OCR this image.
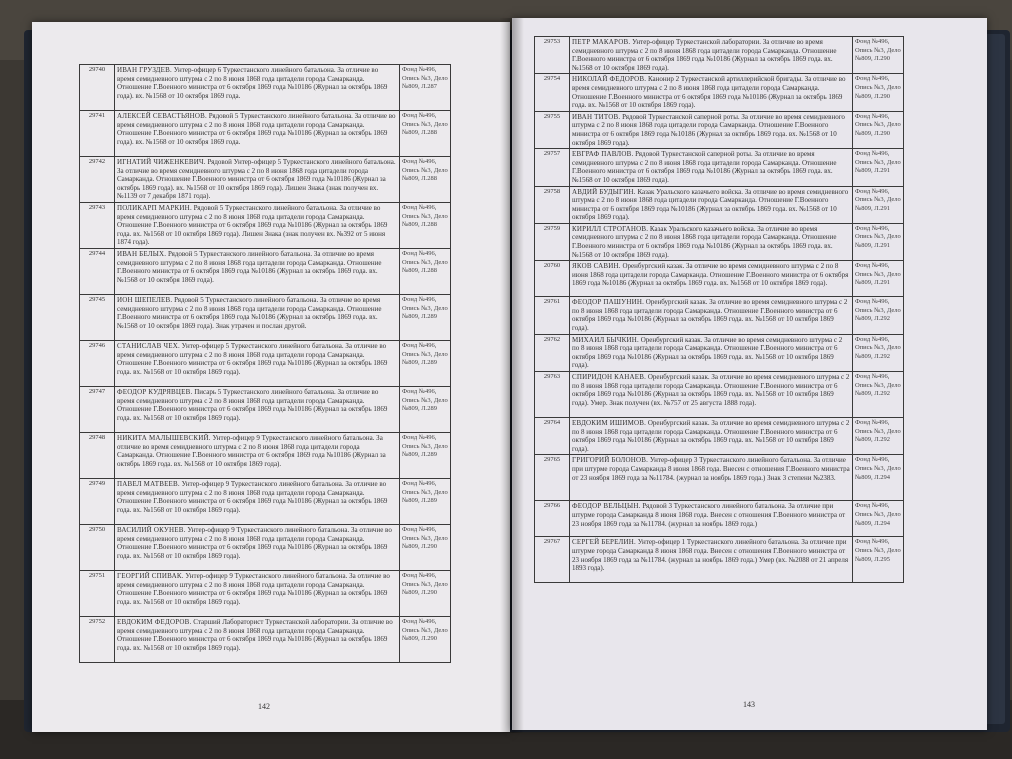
29740	ИВАН ГРУЗДЕВ. Унтер-офицер 6 Туркестанского линейного батальона. За отличие во время семидневного штурма с 2 по 8 июня 1868 года цитадели города Самарканда. Отношение Г.Военного министра от 6 октября 1869 года №10186 (Журнал за октябрь 1869 года). вх. №1568 от 10 октября 1869 года.	Фонд №496, Опись №3, Дело №809, Л.287
29741	АЛЕКСЕЙ СЕВАСТЬЯНОВ. Рядовой 5 Туркестанского линейного батальона. За отличие во время семидневного штурма с 2 по 8 июня 1868 года цитадели города Самарканда. Отношение Г.Военного министра от 6 октября 1869 года №10186 (Журнал за октябрь 1869 года). вх. №1568 от 10 октября 1869 года.	Фонд №496, Опись №3, Дело №809, Л.288
29742	ИГНАТИЙ ЧИЖЕНКЕВИЧ. Рядовой Унтер-офицер 5 Туркестанского линейного батальона. За отличие во время семидневного штурма с 2 по 8 июня 1868 года цитадели города Самарканда. Отношение Г.Военного министра от 6 октября 1869 года №10186 (Журнал за октябрь 1869 года). вх. №1568 от 10 октября 1869 года). Лишен Знака (знак получен вх. №1139 от 7 декабря 1871 года).	Фонд №496, Опись №3, Дело №809, Л.288
29743	ПОЛИКАРП МАРКИН. Рядовой 5 Туркестанского линейного батальона. За отличие во время семидневного штурма с 2 по 8 июня 1868 года цитадели города Самарканда. Отношение Г.Военного министра от 6 октября 1869 года №10186 (Журнал за октябрь 1869 года. вх. №1568 от 10 октября 1869 года). Лишен Знака (знак получен вх. №392 от 5 июня 1874 года).	Фонд №496, Опись №3, Дело №809, Л.288
29744	ИВАН БЕЛЫХ. Рядовой 5 Туркестанского линейного батальона. За отличие во время семидневного штурма с 2 по 8 июня 1868 года цитадели города Самарканда. Отношение Г.Военного министра от 6 октября 1869 года №10186 (Журнал за октябрь 1869 года. вх. №1568 от 10 октября 1869 года).	Фонд №496, Опись №3, Дело №809, Л.288
29745	ИОН ШЕПЕЛЕВ. Рядовой 5 Туркестанского линейного батальона. За отличие во время семидневного штурма с 2 по 8 июня 1868 года цитадели города Самарканда. Отношение Г.Военного министра от 6 октября 1869 года №10186 (Журнал за октябрь 1869 года. вх. №1568 от 10 октября 1869 года). Знак утрачен и послан другой.	Фонд №496, Опись №3, Дело №809, Л.289
29746	СТАНИСЛАВ ЧЕХ. Унтер-офицер 5 Туркестанского линейного батальона. За отличие во время семидневного штурма с 2 по 8 июня 1868 года цитадели города Самарканда. Отношение Г.Военного министра от 6 октября 1869 года №10186 (Журнал за октябрь 1869 года. вх. №1568 от 10 октября 1869 года).	Фонд №496, Опись №3, Дело №809, Л.289
29747	ФЕОДОР КУДРЯВЦЕВ. Писарь 5 Туркестанского линейного батальона. За отличие во время семидневного штурма с 2 по 8 июня 1868 года цитадели города Самарканда. Отношение Г.Военного министра от 6 октября 1869 года №10186 (Журнал за октябрь 1869 года. вх. №1568 от 10 октября 1869 года).	Фонд №496, Опись №3, Дело №809, Л.289
29748	НИКИТА МАЛЫШЕВСКИЙ. Унтер-офицер 9 Туркестанского линейного батальона. За отличие во время семидневного штурма с 2 по 8 июня 1868 года цитадели города Самарканда. Отношение Г.Военного министра от 6 октября 1869 года №10186 (Журнал за октябрь 1869 года. вх. №1568 от 10 октября 1869 года).	Фонд №496, Опись №3, Дело №809, Л.289
29749	ПАВЕЛ МАТВЕЕВ. Унтер-офицер 9 Туркестанского линейного батальона. За отличие во время семидневного штурма с 2 по 8 июня 1868 года цитадели города Самарканда. Отношение Г.Военного министра от 6 октября 1869 года №10186 (Журнал за октябрь 1869 года. вх. №1568 от 10 октября 1869 года).	Фонд №496, Опись №3, Дело №809, Л.289
29750	ВАСИЛИЙ ОКУНЕВ. Унтер-офицер 9 Туркестанского линейного батальона. За отличие во время семидневного штурма с 2 по 8 июня 1868 года цитадели города Самарканда. Отношение Г.Военного министра от 6 октября 1869 года №10186 (Журнал за октябрь 1869 года. вх. №1568 от 10 октября 1869 года).	Фонд №496, Опись №3, Дело №809, Л.290
29751	ГЕОРГИЙ СПИВАК. Унтер-офицер 9 Туркестанского линейного батальона. За отличие во время семидневного штурма с 2 по 8 июня 1868 года цитадели города Самарканда. Отношение Г.Военного министра от 6 октября 1869 года №10186 (Журнал за октябрь 1869 года. вх. №1568 от 10 октября 1869 года).	Фонд №496, Опись №3, Дело №809, Л.290
29752	ЕВДОКИМ ФЕДОРОВ. Старший Лабораторист Туркестанской лаборатории. За отличие во время семидневного штурма с 2 по 8 июня 1868 года цитадели города Самарканда. Отношение Г.Военного министра от 6 октября 1869 года №10186 (Журнал за октябрь 1869 года. вх. №1568 от 10 октября 1869 года).	Фонд №496, Опись №3, Дело №809, Л.290
142
29753	ПЕТР МАКАРОВ. Унтер-офицер Туркестанской лаборатории. За отличие во время семидневного штурма с 2 по 8 июня 1868 года цитадели города Самарканда. Отношение Г.Военного министра от 6 октября 1869 года №10186 (Журнал за октябрь 1869 года. вх. №1568 от 10 октября 1869 года).	Фонд №496, Опись №3, Дело №809, Л.290
29754	НИКОЛАЙ ФЕДОРОВ. Канонир 2 Туркестанской артиллерийской бригады. За отличие во время семидневного штурма с 2 по 8 июня 1868 года цитадели города Самарканда. Отношение Г.Военного министра от 6 октября 1869 года №10186 (Журнал за октябрь 1869 года. вх. №1568 от 10 октября 1869 года).	Фонд №496, Опись №3, Дело №809, Л.290
29755	ИВАН ТИТОВ. Рядовой Туркестанской саперной роты. За отличие во время семидневного штурма с 2 по 8 июня 1868 года цитадели города Самарканда. Отношение Г.Военного министра от 6 октября 1869 года №10186 (Журнал за октябрь 1869 года. вх. №1568 от 10 октября 1869 года).	Фонд №496, Опись №3, Дело №809, Л.290
29757	ЕВГРАФ ПАВЛОВ. Рядовой Туркестанской саперной роты. За отличие во время семидневного штурма с 2 по 8 июня 1868 года цитадели города Самарканда. Отношение Г.Военного министра от 6 октября 1869 года №10186 (Журнал за октябрь 1869 года. вх. №1568 от 10 октября 1869 года).	Фонд №496, Опись №3, Дело №809, Л.291
29758	АВДИЙ БУДЫГИН. Казак Уральского казачьего войска. За отличие во время семидневного штурма с 2 по 8 июня 1868 года цитадели города Самарканда. Отношение Г.Военного министра от 6 октября 1869 года №10186 (Журнал за октябрь 1869 года. вх. №1568 от 10 октября 1869 года).	Фонд №496, Опись №3, Дело №809, Л.291
29759	КИРИЛЛ СТРОГАНОВ. Казак Уральского казачьего войска. За отличие во время семидневного штурма с 2 по 8 июня 1868 года цитадели города Самарканда. Отношение Г.Военного министра от 6 октября 1869 года №10186 (Журнал за октябрь 1869 года. вх. №1568 от 10 октября 1869 года).	Фонд №496, Опись №3, Дело №809, Л.291
20760	ЯКОВ САВИН. Оренбургский казак. За отличие во время семидневного штурма с 2 по 8 июня 1868 года цитадели города Самарканда. Отношение Г.Военного министра от 6 октября 1869 года №10186 (Журнал за октябрь 1869 года. вх. №1568 от 10 октября 1869 года).	Фонд №496, Опись №3, Дело №809, Л.291
29761	ФЕОДОР ПАШУНИН. Оренбургский казак. За отличие во время семидневного штурма с 2 по 8 июня 1868 года цитадели города Самарканда. Отношение Г.Военного министра от 6 октября 1869 года №10186 (Журнал за октябрь 1869 года. вх. №1568 от 10 октября 1869 года).	Фонд №496, Опись №3, Дело №809, Л.292
29762	МИХАИЛ БЫЧКИН. Оренбургский казак. За отличие во время семидневного штурма с 2 по 8 июня 1868 года цитадели города Самарканда. Отношение Г.Военного министра от 6 октября 1869 года №10186 (Журнал за октябрь 1869 года. вх. №1568 от 10 октября 1869 года).	Фонд №496, Опись №3, Дело №809, Л.292
29763	СПИРИДОН КАНАЕВ. Оренбургский казак. За отличие во время семидневного штурма с 2 по 8 июня 1868 года цитадели города Самарканда. Отношение Г.Военного министра от 6 октября 1869 года №10186 (Журнал за октябрь 1869 года. вх. №1568 от 10 октября 1869 года). Умер. Знак получен (вх. №757 от 25 августа 1888 года).	Фонд №496, Опись №3, Дело №809, Л.292
29764	ЕВДОКИМ ИШИМОВ. Оренбургский казак. За отличие во время семидневного штурма с 2 по 8 июня 1868 года цитадели города Самарканда. Отношение Г.Военного министра от 6 октября 1869 года №10186 (Журнал за октябрь 1869 года. вх. №1568 от 10 октября 1869 года).	Фонд №496, Опись №3, Дело №809, Л.292
29765	ГРИГОРИЙ БОЛОНОВ. Унтер-офицер 3 Туркестанского линейного батальона. За отличие при штурме города Самарканда 8 июня 1868 года. Внесен с отношения Г.Военного министра от 23 ноября 1869 года за №11784. (журнал за ноябрь 1869 года.) Знак 3 степени №2383.	Фонд №496, Опись №3, Дело №809, Л.294
29766	ФЕОДОР ВЕЛЬЦЫН. Рядовой 3 Туркестанского линейного батальона. За отличие при штурме города Самарканда 8 июня 1868 года. Внесен с отношения Г.Военного министра от 23 ноября 1869 года за №11784. (журнал за ноябрь 1869 года.)	Фонд №496, Опись №3, Дело №809, Л.294
29767	СЕРГЕЙ БЕРЕЛИН. Унтер-офицер 1 Туркестанского линейного батальона. За отличие при штурме города Самарканда 8 июня 1868 года. Внесен с отношения Г.Военного министра от 23 ноября 1869 года за №11784. (журнал за ноябрь 1869 года.) Умер (вх. №2088 от 21 апреля 1893 года).	Фонд №496, Опись №3, Дело №809, Л.295
143
